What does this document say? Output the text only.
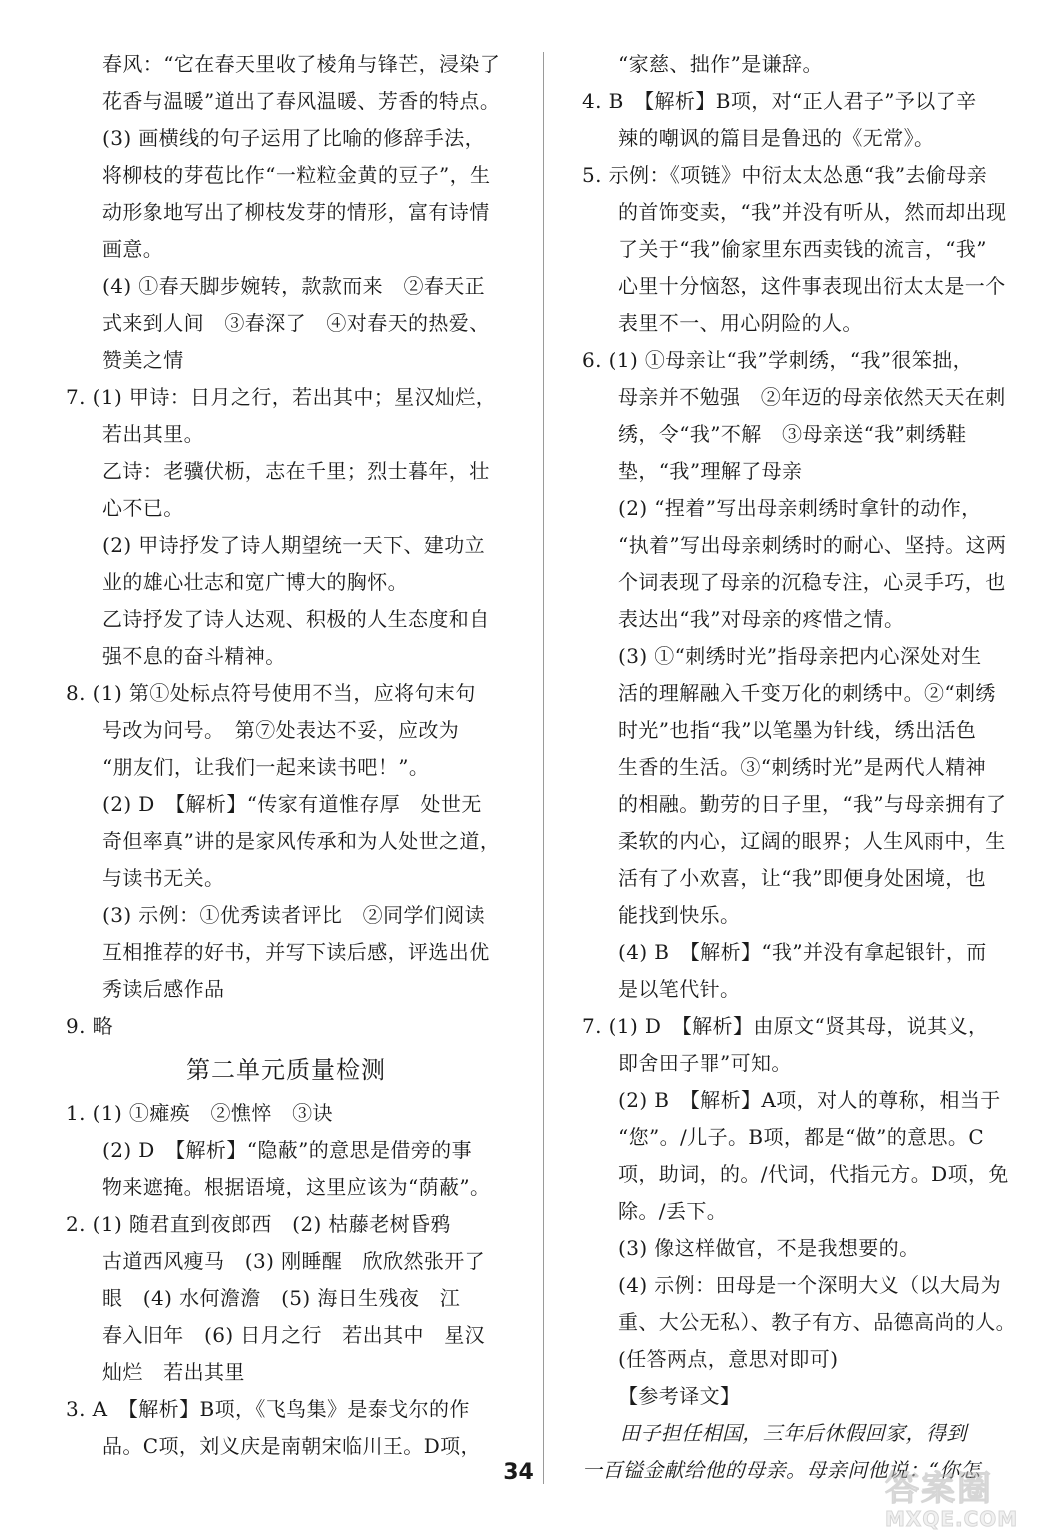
春风：“它在春天里收了棱角与锋芒，浸染了
花香与温暖”道出了春风温暖、芳香的特点。
(3) 画横线的句子运用了比喻的修辞手法，
将柳枝的芽苞比作“一粒粒金黄的豆子”，生
动形象地写出了柳枝发芽的情形，富有诗情
画意。
(4) ①春天脚步婉转，款款而来　②春天正
式来到人间　③春深了　④对春天的热爱、
赞美之情
7. (1) 甲诗：日月之行，若出其中；星汉灿烂，
若出其里。
乙诗：老骥伏枥，志在千里；烈士暮年，壮
心不已。
(2) 甲诗抒发了诗人期望统一天下、建功立
业的雄心壮志和宽广博大的胸怀。
乙诗抒发了诗人达观、积极的人生态度和自
强不息的奋斗精神。
8. (1) 第①处标点符号使用不当，应将句末句
号改为问号。　第⑦处表达不妥，应改为
“朋友们，让我们一起来读书吧！”。
(2) D　【解析】“传家有道惟存厚　处世无
奇但率真”讲的是家风传承和为人处世之道，
与读书无关。
(3) 示例：①优秀读者评比　②同学们阅读
互相推荐的好书，并写下读后感，评选出优
秀读后感作品
9. 略
第二单元质量检测
1. (1) ①瘫痪　②憔悴　③诀
(2) D　【解析】“隐蔽”的意思是借旁的事
物来遮掩。根据语境，这里应该为“荫蔽”。
2. (1) 随君直到夜郎西　(2) 枯藤老树昏鸦
古道西风瘦马　(3) 刚睡醒　欣欣然张开了
眼　(4) 水何澹澹　(5) 海日生残夜　江
春入旧年　(6) 日月之行　若出其中　星汉
灿烂　若出其里
3. A　【解析】B项，《飞鸟集》是泰戈尔的作
品。C项，刘义庆是南朝宋临川王。D项，
“家慈、拙作”是谦辞。
4. B　【解析】B项，对“正人君子”予以了辛
辣的嘲讽的篇目是鲁迅的《无常》。
5. 示例：《项链》中衍太太怂恿“我”去偷母亲
的首饰变卖，“我”并没有听从，然而却出现
了关于“我”偷家里东西卖钱的流言，“我”
心里十分恼怒，这件事表现出衍太太是一个
表里不一、用心阴险的人。
6. (1) ①母亲让“我”学刺绣，“我”很笨拙，
母亲并不勉强　②年迈的母亲依然天天在刺
绣，令“我”不解　③母亲送“我”刺绣鞋
垫，“我”理解了母亲
(2) “捏着”写出母亲刺绣时拿针的动作，
“执着”写出母亲刺绣时的耐心、坚持。这两
个词表现了母亲的沉稳专注，心灵手巧，也
表达出“我”对母亲的疼惜之情。
(3) ①“刺绣时光”指母亲把内心深处对生
活的理解融入千变万化的刺绣中。②“刺绣
时光”也指“我”以笔墨为针线，绣出活色
生香的生活。③“刺绣时光”是两代人精神
的相融。勤劳的日子里，“我”与母亲拥有了
柔软的内心，辽阔的眼界；人生风雨中，生
活有了小欢喜，让“我”即便身处困境，也
能找到快乐。
(4) B　【解析】“我”并没有拿起银针，而
是以笔代针。
7. (1) D　【解析】由原文“贤其母，说其义，
即舍田子罪”可知。
(2) B　【解析】A项，对人的尊称，相当于
“您”。/儿子。B项，都是“做”的意思。C
项，助词，的。/代词，代指元方。D项，免
除。/丢下。
(3) 像这样做官，不是我想要的。
(4) 示例：田母是一个深明大义（以大局为
重、大公无私）、教子有方、品德高尚的人。
(任答两点，意思对即可)
【参考译文】
田子担任相国，三年后休假回家，得到
一百镒金献给他的母亲。母亲问他说：“你怎
34	答案圈
MXQE.COM
